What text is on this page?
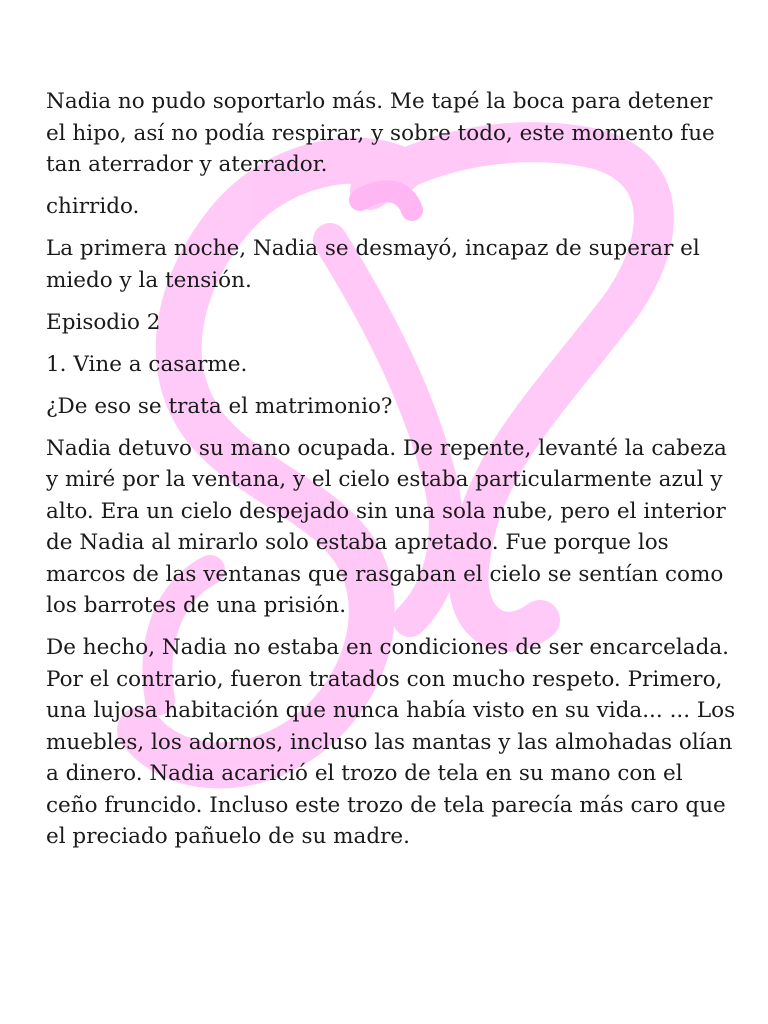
Nadia no pudo soportarlo más. Me tapé la boca para detener el hipo, así no podía respirar, y sobre todo, este momento fue tan aterrador y aterrador.

chirrido.

La primera noche, Nadia se desmayó, incapaz de superar el miedo y la tensión.

Episodio 2

1. Vine a casarme.

¿De eso se trata el matrimonio?

Nadia detuvo su mano ocupada. De repente, levanté la cabeza y miré por la ventana, y el cielo estaba particularmente azul y alto. Era un cielo despejado sin una sola nube, pero el interior de Nadia al mirarlo solo estaba apretado. Fue porque los marcos de las ventanas que rasgaban el cielo se sentían como los barrotes de una prisión.

De hecho, Nadia no estaba en condiciones de ser encarcelada. Por el contrario, fueron tratados con mucho respeto. Primero, una lujosa habitación que nunca había visto en su vida... ... Los muebles, los adornos, incluso las mantas y las almohadas olían a dinero. Nadia acarició el trozo de tela en su mano con el ceño fruncido. Incluso este trozo de tela parecía más caro que el preciado pañuelo de su madre.
